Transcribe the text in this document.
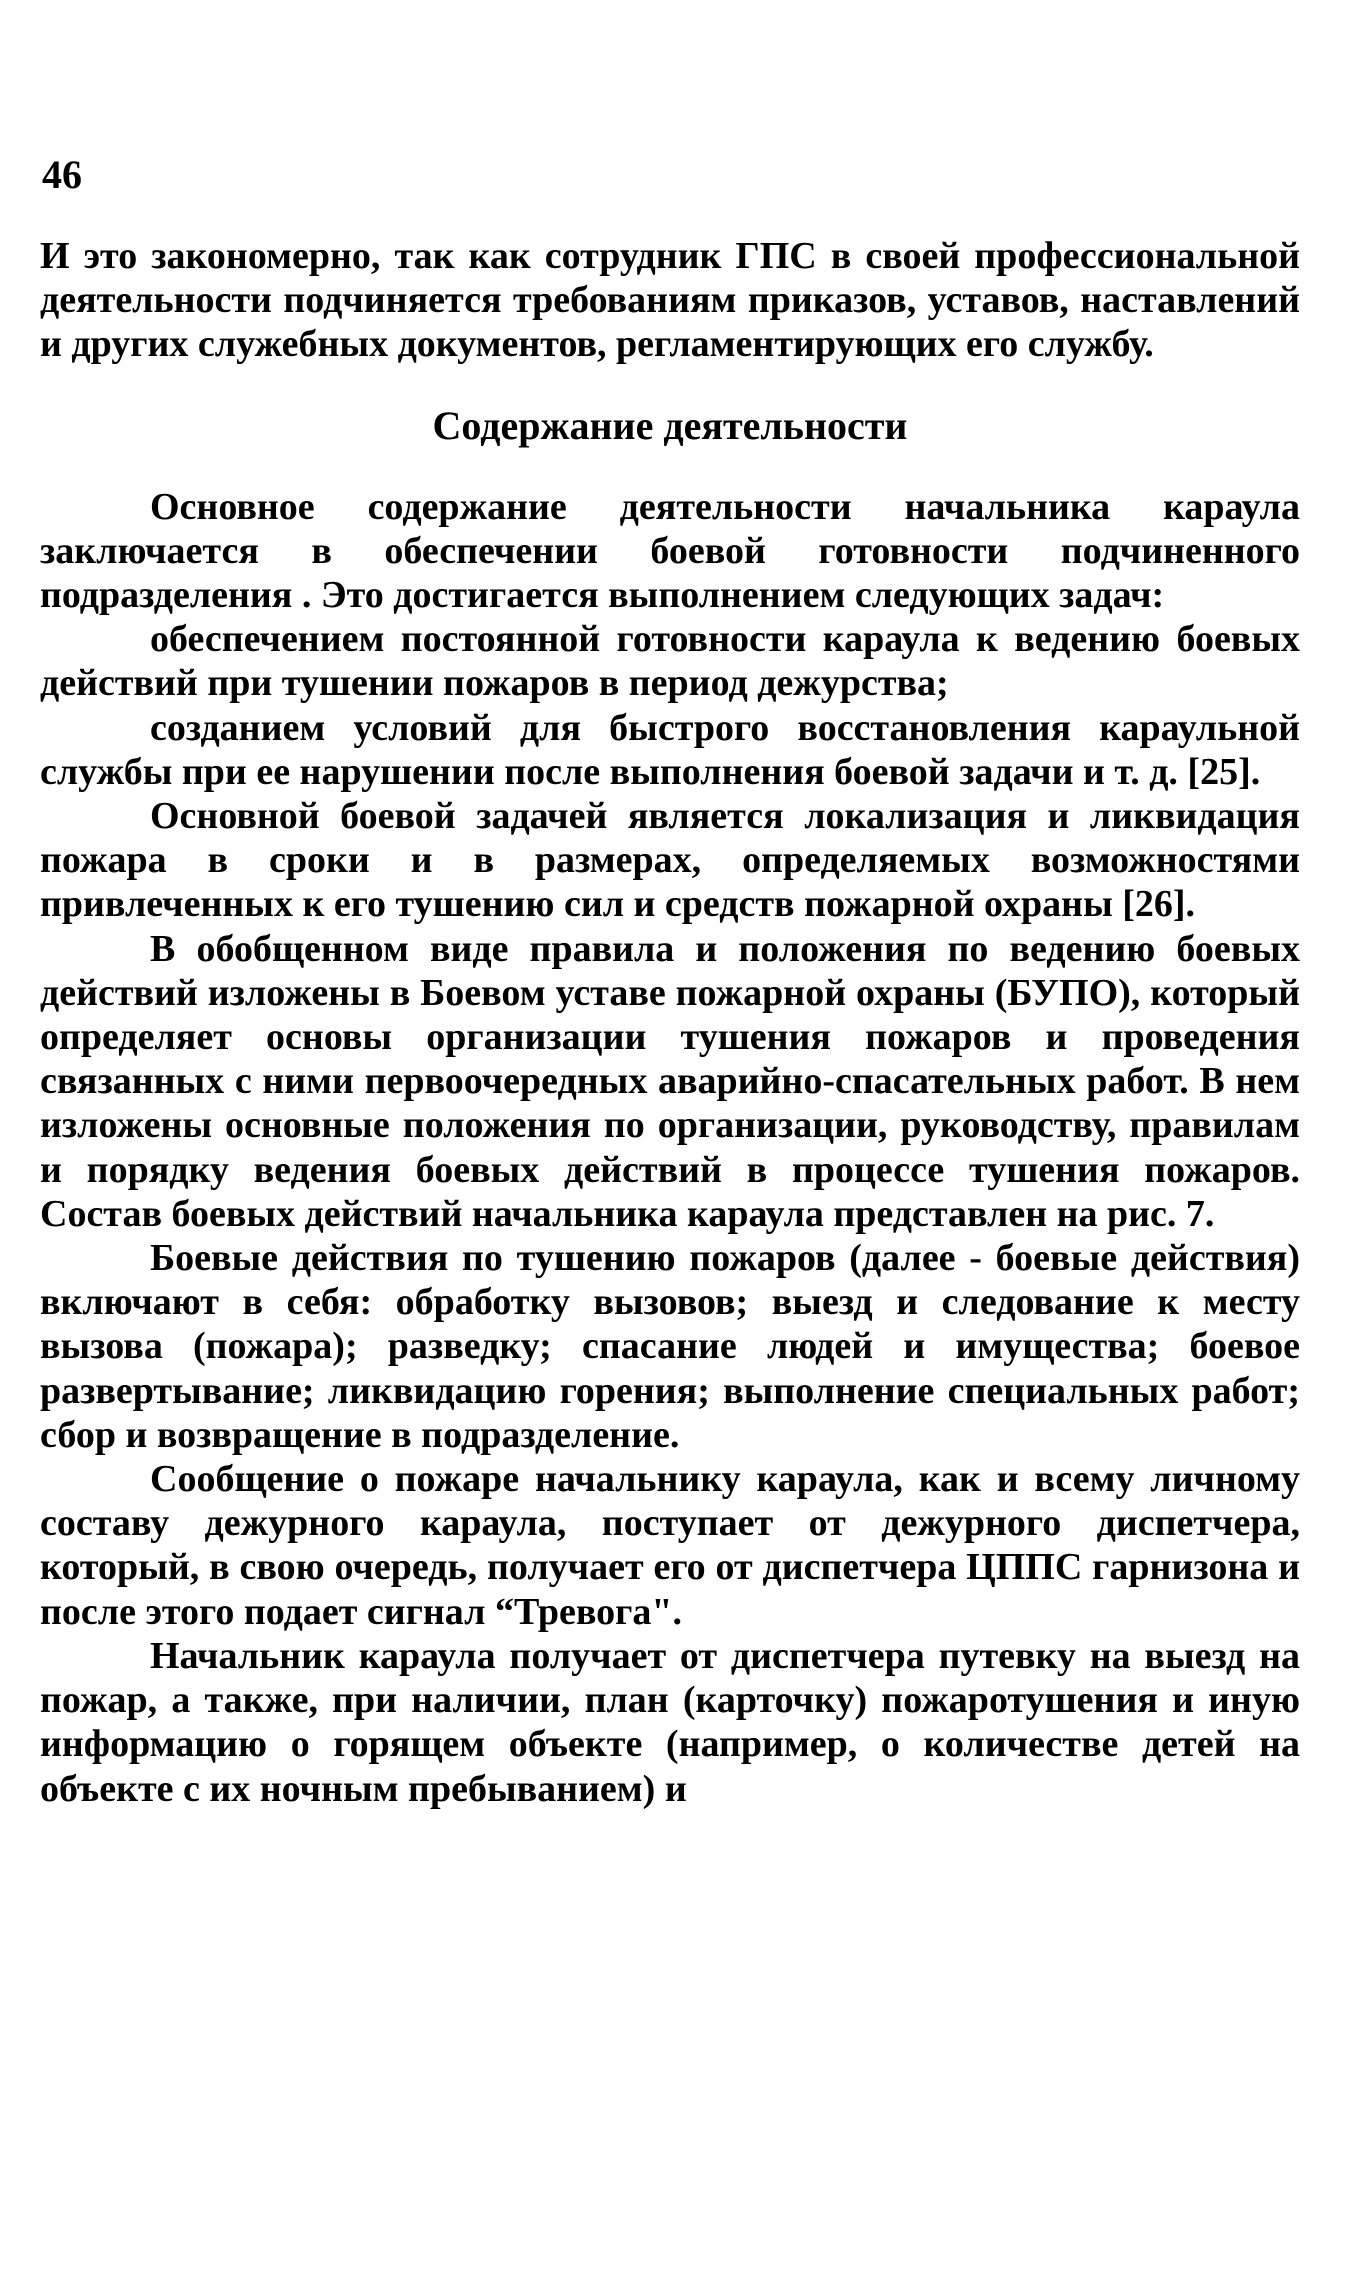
46

И это закономерно, так как сотрудник ГПС в своей профессиональной деятельности подчиняется требованиям приказов, уставов, наставлений и других служебных документов, регламентирующих его службу.

Содержание деятельности

Основное содержание деятельности начальника караула заключается в обеспечении боевой готовности подчиненного подразделения . Это достигается выполнением следующих задач:

обеспечением постоянной готовности караула к ведению боевых действий при тушении пожаров в период дежурства;

созданием условий для быстрого восстановления караульной службы при ее нарушении после выполнения боевой задачи и т. д. [25].

Основной боевой задачей является локализация и ликвидация пожара в сроки и в размерах, определяемых возможностями привлеченных к его тушению сил и средств пожарной охраны [26].

В обобщенном виде правила и положения по ведению боевых действий изложены в Боевом уставе пожарной охраны (БУПО), который определяет основы организации тушения пожаров и проведения связанных с ними первоочередных аварийно-спасательных работ. В нем изложены основные положения по организации, руководству, правилам и порядку ведения боевых действий в процессе тушения пожаров. Состав боевых действий начальника караула представлен на рис. 7.

Боевые действия по тушению пожаров (далее - боевые действия) включают в себя: обработку вызовов; выезд и следование к месту вызова (пожара); разведку; спасание людей и имущества; боевое развертывание; ликвидацию горения; выполнение специальных работ; сбор и возвращение в подразделение.

Сообщение о пожаре начальнику караула, как и всему личному составу дежурного караула, поступает от дежурного диспетчера, который, в свою очередь, получает его от диспетчера ЦППС гарнизона и после этого подает сигнал “Тревога".

Начальник караула получает от диспетчера путевку на выезд на пожар, а также, при наличии, план (карточку) пожаротушения и иную информацию о горящем объекте (например, о количестве детей на объекте с их ночным пребыванием) и
